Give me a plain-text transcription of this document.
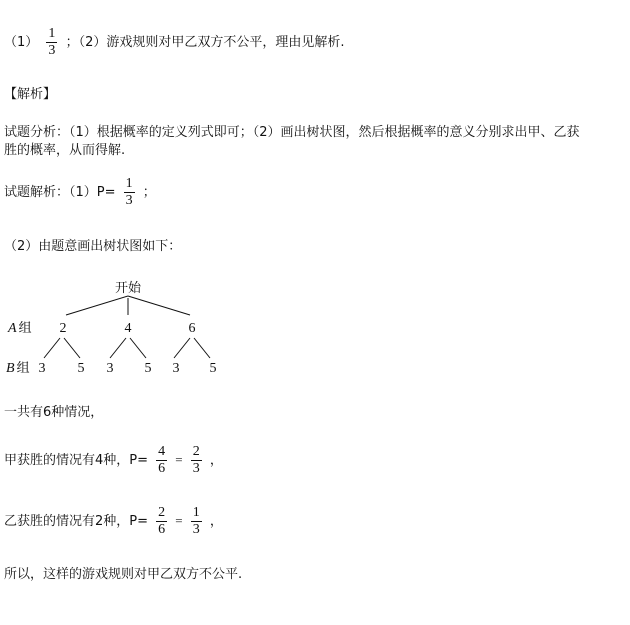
$(1) \frac{1}{3}$ ；（2）游戏规则对甲乙双方不公平，理由见解析.
【解析】
试题分析：（1）根据概率的定义列式即可；（2）画出树状图，然后根据概率的意义分别求出甲、乙获
胜的概率，从而得解.
试题解析：$(1)P= \frac{1}{3}$ ；
（2）由题意画出树状图如下：
开始
A 组 2	4	6
B 组 3 5 3 5 3 5
一共有6种情况，
甲获胜的情况有4种，$P= \frac{4}{6} = \frac{2}{3}$ ，
乙获胜的情况有2种，$P= \frac{2}{6} = \frac{1}{3}$ ，
所以，这样的游戏规则对甲乙双方不公平.
